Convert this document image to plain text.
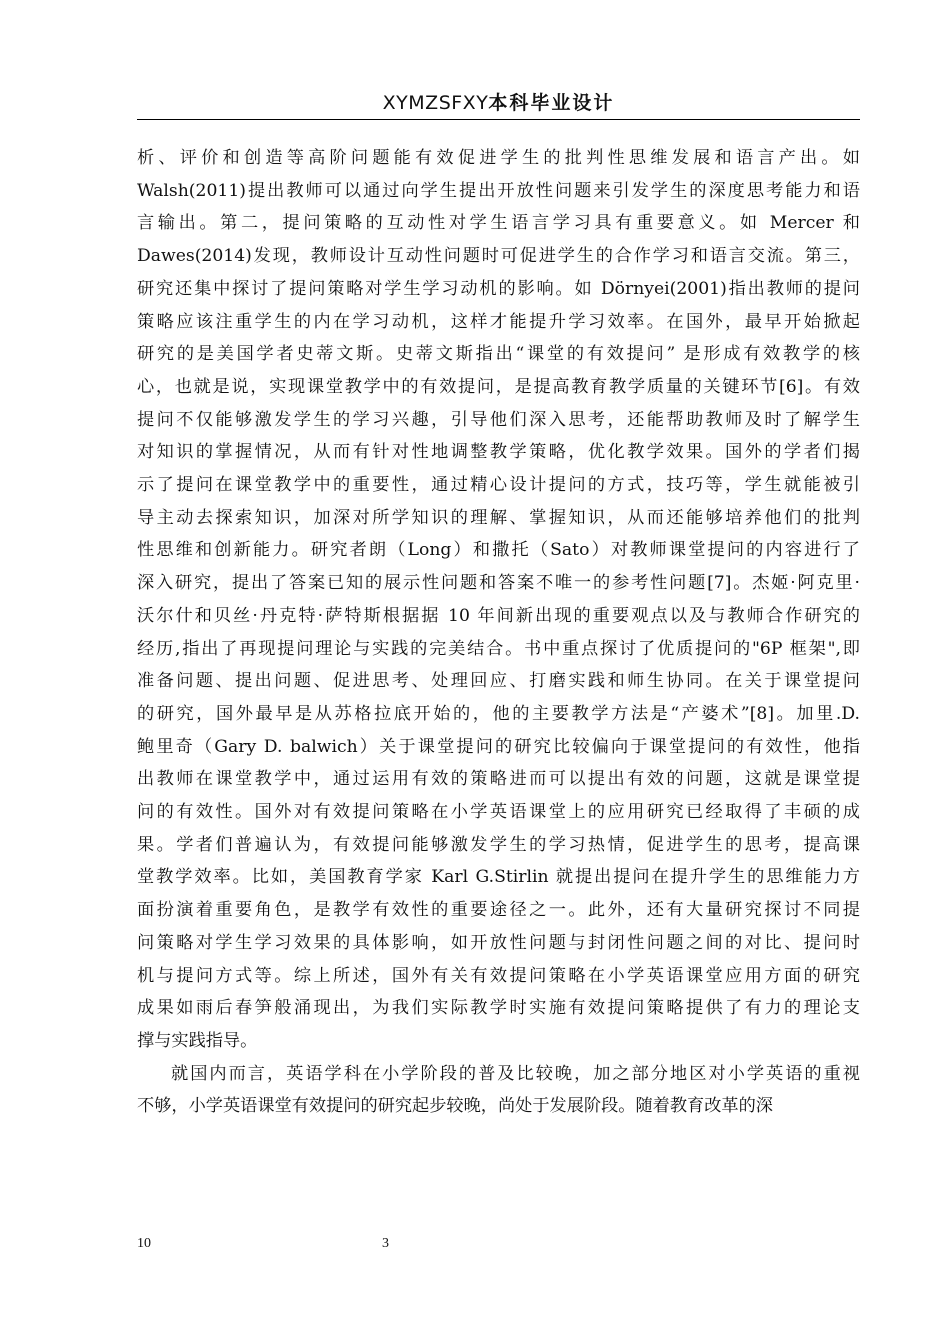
XYMZSFXY本科毕业设计
析、评价和创造等高阶问题能有效促进学生的批判性思维发展和语言产出。如
Walsh(2011)提出教师可以通过向学生提出开放性问题来引发学生的深度思考能力和语
言输出。第二，提问策略的互动性对学生语言学习具有重要意义。如 Mercer 和
Dawes(2014)发现，教师设计互动性问题时可促进学生的合作学习和语言交流。第三，
研究还集中探讨了提问策略对学生学习动机的影响。如 Dörnyei(2001)指出教师的提问
策略应该注重学生的内在学习动机，这样才能提升学习效率。在国外，最早开始掀起
研究的是美国学者史蒂文斯。史蒂文斯指出“课堂的有效提问” 是形成有效教学的核
心，也就是说，实现课堂教学中的有效提问，是提高教育教学质量的关键环节[6]。有效
提问不仅能够激发学生的学习兴趣，引导他们深入思考，还能帮助教师及时了解学生
对知识的掌握情况，从而有针对性地调整教学策略，优化教学效果。国外的学者们揭
示了提问在课堂教学中的重要性，通过精心设计提问的方式，技巧等，学生就能被引
导主动去探索知识，加深对所学知识的理解、掌握知识，从而还能够培养他们的批判
性思维和创新能力。研究者朗（Long）和撒托（Sato）对教师课堂提问的内容进行了
深入研究，提出了答案已知的展示性问题和答案不唯一的参考性问题[7]。杰姬·阿克里·
沃尔什和贝丝·丹克特·萨特斯根据据 10 年间新出现的重要观点以及与教师合作研究的
经历,指出了再现提问理论与实践的完美结合。书中重点探讨了优质提问的"6P 框架",即
准备问题、提出问题、促进思考、处理回应、打磨实践和师生协同。在关于课堂提问
的研究，国外最早是从苏格拉底开始的，他的主要教学方法是“产婆术”[8]。加里.D.
鲍里奇（Gary D. balwich）关于课堂提问的研究比较偏向于课堂提问的有效性，他指
出教师在课堂教学中，通过运用有效的策略进而可以提出有效的问题，这就是课堂提
问的有效性。国外对有效提问策略在小学英语课堂上的应用研究已经取得了丰硕的成
果。学者们普遍认为，有效提问能够激发学生的学习热情，促进学生的思考，提高课
堂教学效率。比如，美国教育学家 Karl G.Stirlin 就提出提问在提升学生的思维能力方
面扮演着重要角色，是教学有效性的重要途径之一。此外，还有大量研究探讨不同提
问策略对学生学习效果的具体影响，如开放性问题与封闭性问题之间的对比、提问时
机与提问方式等。综上所述，国外有关有效提问策略在小学英语课堂应用方面的研究
成果如雨后春笋般涌现出，为我们实际教学时实施有效提问策略提供了有力的理论支
撑与实践指导。
就国内而言，英语学科在小学阶段的普及比较晚，加之部分地区对小学英语的重视
不够，小学英语课堂有效提问的研究起步较晚，尚处于发展阶段。随着教育改革的深
10	3
